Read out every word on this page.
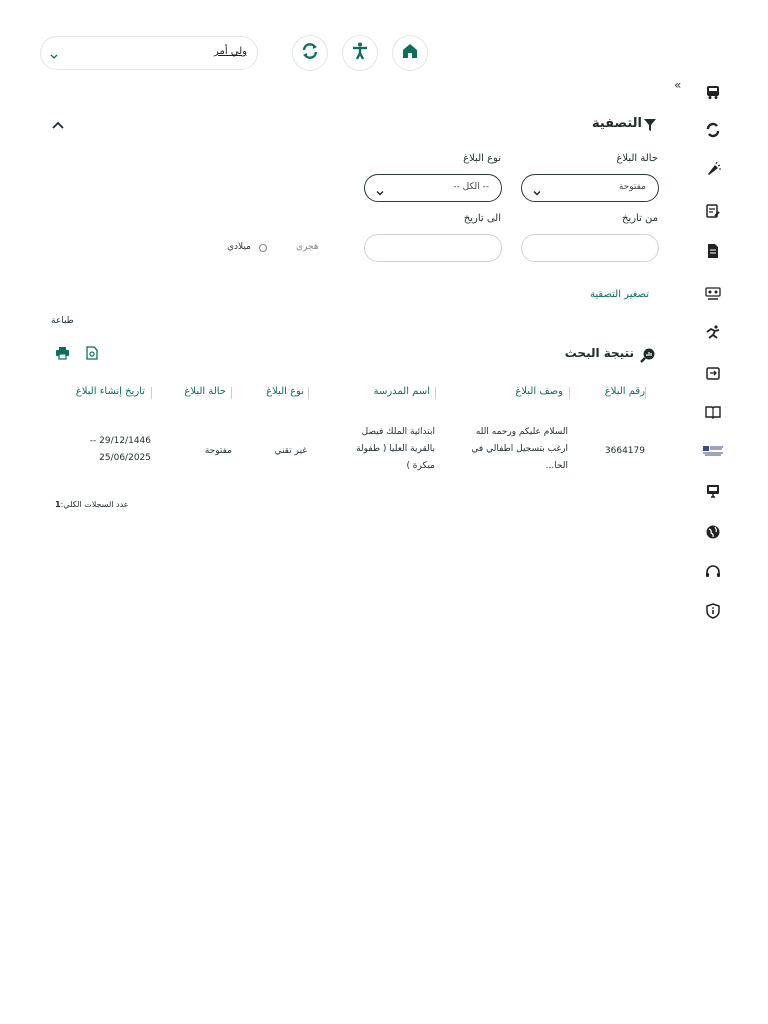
ولي أمر
«
التصفية
حالة البلاغ
مفتوحة
نوع البلاغ
-- الكل --
من تاريخ
الى تاريخ
هجري
ميلادي
تصغير التصفية
طباعة
نتيجة البحث
رقم البلاغ
وصف البلاغ
اسم المدرسة
نوع البلاغ
حالة البلاغ
تاريخ إنشاء البلاغ
3664179
السلام عليكم ورحمه الله
ارغب بتسجيل اطفالي في
الحا...
ابتدائية الملك فيصل
بالقرية العليا ( طفولة
مبكرة )
غير تقني
مفتوحة
29/12/1446 --
25/06/2025
عدد السجلات الكلي:1
